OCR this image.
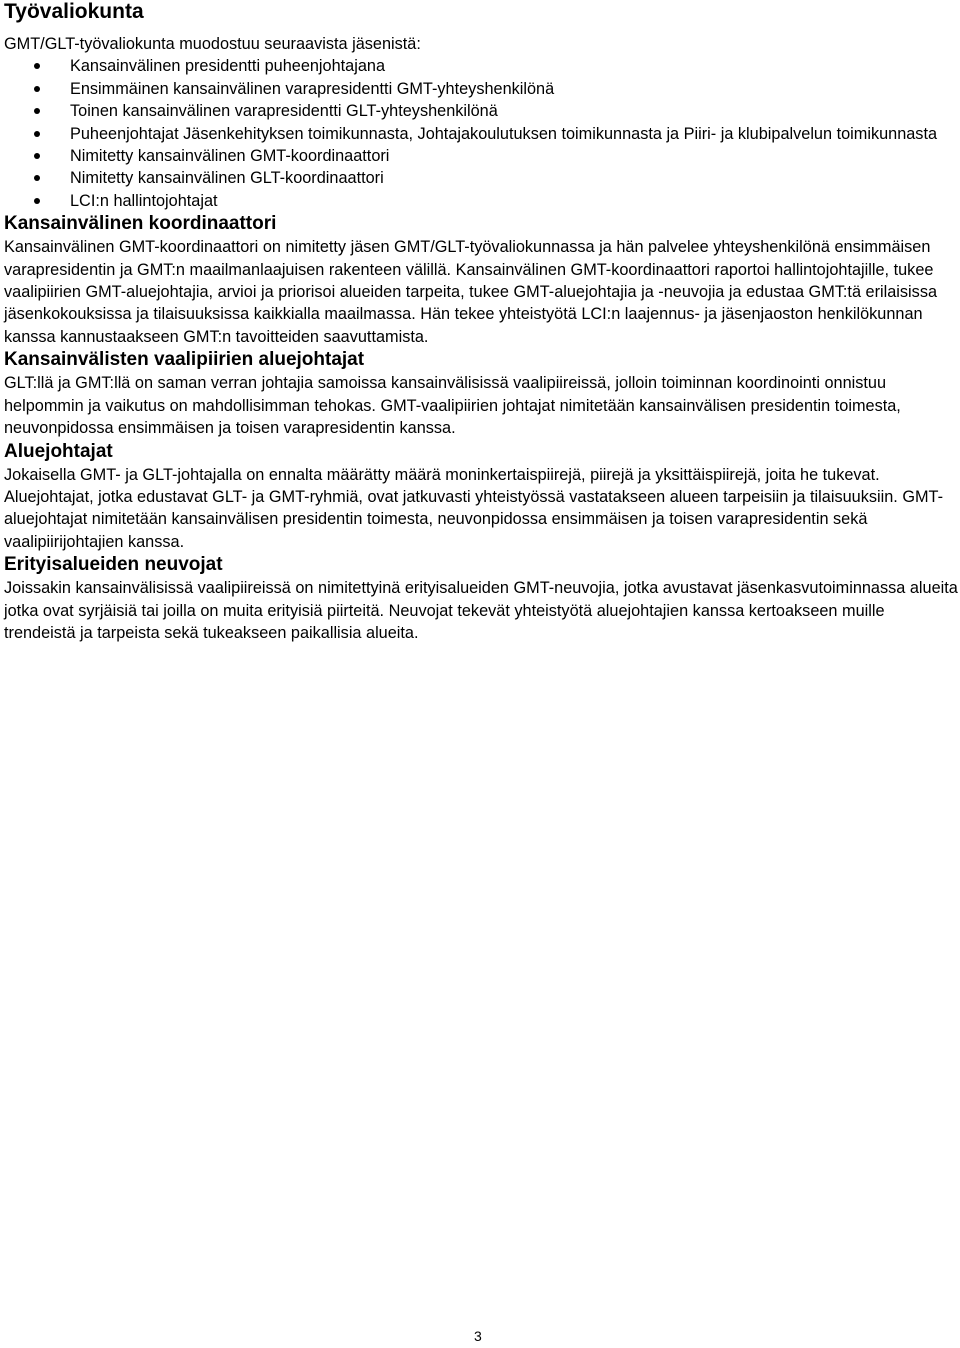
Työvaliokunta

GMT/GLT-työvaliokunta muodostuu seuraavista jäsenistä:

Kansainvälinen presidentti puheenjohtajana
Ensimmäinen kansainvälinen varapresidentti GMT-yhteyshenkilönä
Toinen kansainvälinen varapresidentti GLT-yhteyshenkilönä
Puheenjohtajat Jäsenkehityksen toimikunnasta, Johtajakoulutuksen toimikunnasta ja Piiri- ja klubipalvelun toimikunnasta
Nimitetty kansainvälinen GMT-koordinaattori
Nimitetty kansainvälinen GLT-koordinaattori
LCI:n hallintojohtajat
Kansainvälinen koordinaattori

Kansainvälinen GMT-koordinaattori on nimitetty jäsen GMT/GLT-työvaliokunnassa ja hän palvelee yhteyshenkilönä ensimmäisen varapresidentin ja GMT:n maailmanlaajuisen rakenteen välillä. Kansainvälinen GMT-koordinaattori raportoi hallintojohtajille, tukee vaalipiirien GMT-aluejohtajia, arvioi ja priorisoi alueiden tarpeita, tukee GMT-aluejohtajia ja -neuvojia ja edustaa GMT:tä erilaisissa jäsenkokouksissa ja tilaisuuksissa kaikkialla maailmassa. Hän tekee yhteistyötä LCI:n laajennus- ja jäsenjaoston henkilökunnan kanssa kannustaakseen GMT:n tavoitteiden saavuttamista.

Kansainvälisten vaalipiirien aluejohtajat

GLT:llä ja GMT:llä on saman verran johtajia samoissa kansainvälisissä vaalipiireissä, jolloin toiminnan koordinointi onnistuu helpommin ja vaikutus on mahdollisimman tehokas. GMT-vaalipiirien johtajat nimitetään kansainvälisen presidentin toimesta, neuvonpidossa ensimmäisen ja toisen varapresidentin kanssa.

Aluejohtajat

Jokaisella GMT- ja GLT-johtajalla on ennalta määrätty määrä moninkertaispiirejä, piirejä ja yksittäispiirejä, joita he tukevat. Aluejohtajat, jotka edustavat GLT- ja GMT-ryhmiä, ovat jatkuvasti yhteistyössä vastatakseen alueen tarpeisiin ja tilaisuuksiin. GMT-aluejohtajat nimitetään kansainvälisen presidentin toimesta, neuvonpidossa ensimmäisen ja toisen varapresidentin sekä vaalipiirijohtajien kanssa.

Erityisalueiden neuvojat

Joissakin kansainvälisissä vaalipiireissä on nimitettyinä erityisalueiden GMT-neuvojia, jotka avustavat jäsenkasvutoiminnassa alueita jotka ovat syrjäisiä tai joilla on muita erityisiä piirteitä. Neuvojat tekevät yhteistyötä aluejohtajien kanssa kertoakseen muille trendeistä ja tarpeista sekä tukeakseen paikallisia alueita.

3
